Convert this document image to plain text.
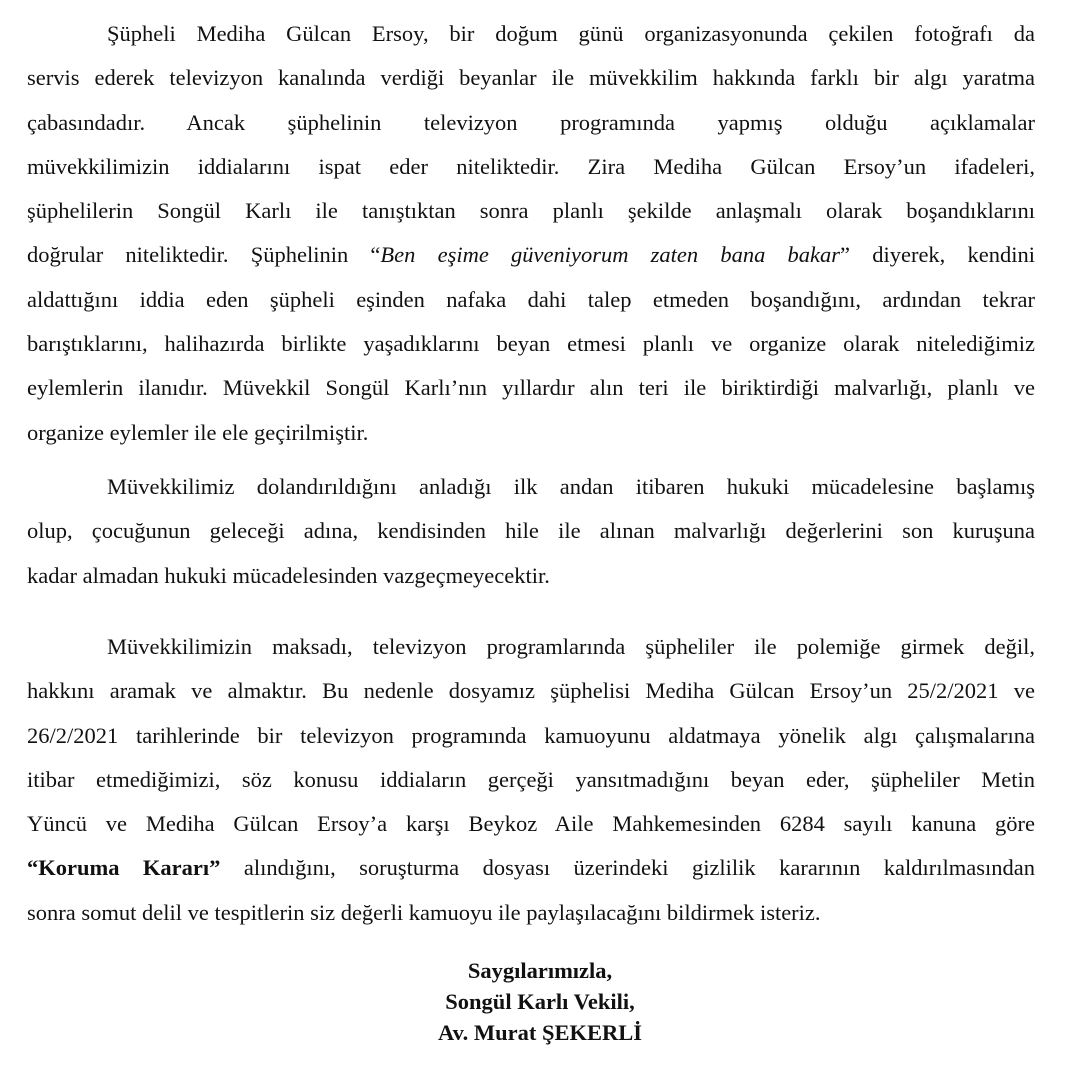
Şüpheli Mediha Gülcan Ersoy, bir doğum günü organizasyonunda çekilen fotoğrafı da
servis ederek televizyon kanalında verdiği beyanlar ile müvekkilim hakkında farklı bir algı yaratma
çabasındadır. Ancak şüphelinin televizyon programında yapmış olduğu açıklamalar
müvekkilimizin iddialarını ispat eder niteliktedir. Zira Mediha Gülcan Ersoy’un ifadeleri,
şüphelilerin Songül Karlı ile tanıştıktan sonra planlı şekilde anlaşmalı olarak boşandıklarını
doğrular niteliktedir. Şüphelinin “Ben eşime güveniyorum zaten bana bakar” diyerek, kendini
aldattığını iddia eden şüpheli eşinden nafaka dahi talep etmeden boşandığını, ardından tekrar
barıştıklarını, halihazırda birlikte yaşadıklarını beyan etmesi planlı ve organize olarak nitelediğimiz
eylemlerin ilanıdır. Müvekkil Songül Karlı’nın yıllardır alın teri ile biriktirdiği malvarlığı, planlı ve
organize eylemler ile ele geçirilmiştir.
Müvekkilimiz dolandırıldığını anladığı ilk andan itibaren hukuki mücadelesine başlamış
olup, çocuğunun geleceği adına, kendisinden hile ile alınan malvarlığı değerlerini son kuruşuna
kadar almadan hukuki mücadelesinden vazgeçmeyecektir.
Müvekkilimizin maksadı, televizyon programlarında şüpheliler ile polemiğe girmek değil,
hakkını aramak ve almaktır. Bu nedenle dosyamız şüphelisi Mediha Gülcan Ersoy’un 25/2/2021 ve
26/2/2021 tarihlerinde bir televizyon programında kamuoyunu aldatmaya yönelik algı çalışmalarına
itibar etmediğimizi, söz konusu iddiaların gerçeği yansıtmadığını beyan eder, şüpheliler Metin
Yüncü ve Mediha Gülcan Ersoy’a karşı Beykoz Aile Mahkemesinden 6284 sayılı kanuna göre
“Koruma Kararı” alındığını, soruşturma dosyası üzerindeki gizlilik kararının kaldırılmasından
sonra somut delil ve tespitlerin siz değerli kamuoyu ile paylaşılacağını bildirmek isteriz.
Saygılarımızla,
Songül Karlı Vekili,
Av. Murat ŞEKERLİ
